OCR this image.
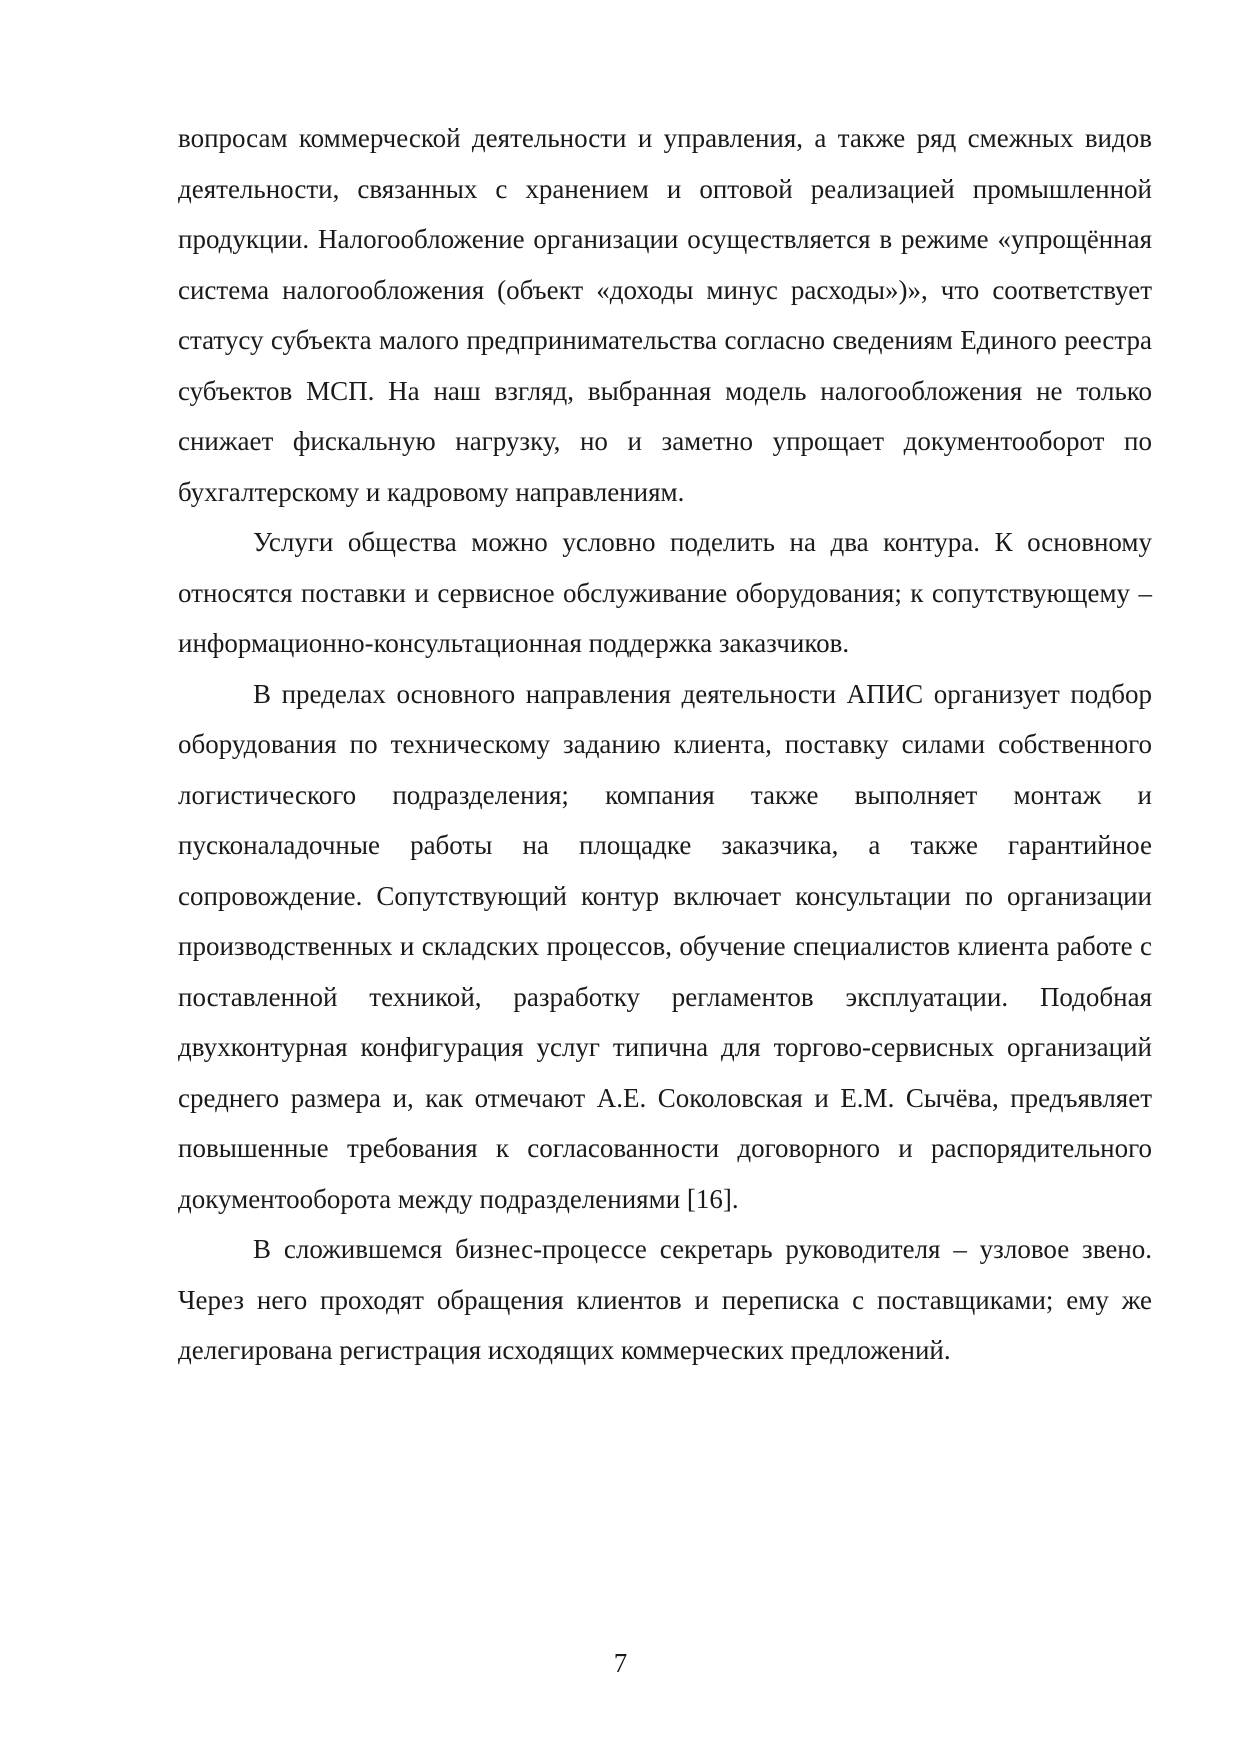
вопросам коммерческой деятельности и управления, а также ряд смежных видов деятельности, связанных с хранением и оптовой реализацией промышленной продукции. Налогообложение организации осуществляется в режиме «упрощённая система налогообложения (объект «доходы минус расходы»)», что соответствует статусу субъекта малого предпринимательства согласно сведениям Единого реестра субъектов МСП. На наш взгляд, выбранная модель налогообложения не только снижает фискальную нагрузку, но и заметно упрощает документооборот по бухгалтерскому и кадровому направлениям.

Услуги общества можно условно поделить на два контура. К основному относятся поставки и сервисное обслуживание оборудования; к сопутствующему – информационно-консультационная поддержка заказчиков.

В пределах основного направления деятельности АПИС организует подбор оборудования по техническому заданию клиента, поставку силами собственного логистического подразделения; компания также выполняет монтаж и пусконаладочные работы на площадке заказчика, а также гарантийное сопровождение. Сопутствующий контур включает консультации по организации производственных и складских процессов, обучение специалистов клиента работе с поставленной техникой, разработку регламентов эксплуатации. Подобная двухконтурная конфигурация услуг типична для торгово-сервисных организаций среднего размера и, как отмечают А.Е. Соколовская и Е.М. Сычёва, предъявляет повышенные требования к согласованности договорного и распорядительного документооборота между подразделениями [16].

В сложившемся бизнес-процессе секретарь руководителя – узловое звено. Через него проходят обращения клиентов и переписка с поставщиками; ему же делегирована регистрация исходящих коммерческих предложений.

7
